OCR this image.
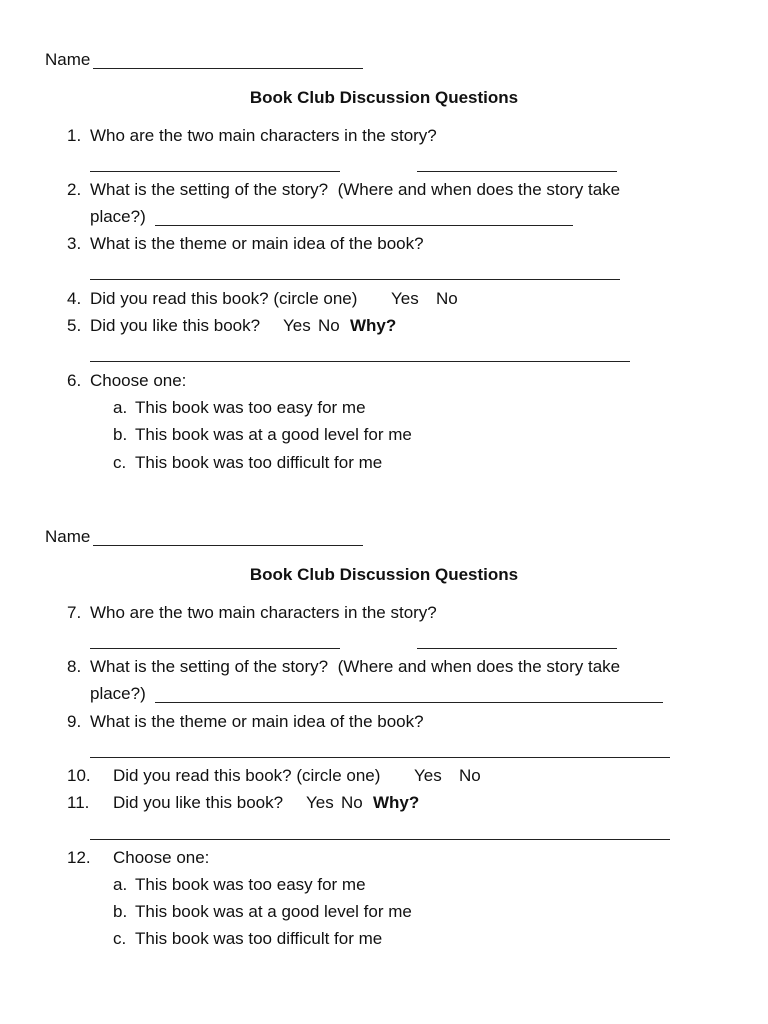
Name
Book Club Discussion Questions
1. Who are the two main characters in the story?
2. What is the setting of the story?  (Where and when does the story take
place?)
3. What is the theme or main idea of the book?
4. Did you read this book? (circle one) Yes No
5. Did you like this book? Yes No Why?
6. Choose one:
a. This book was too easy for me
b. This book was at a good level for me
c. This book was too difficult for me
Name
Book Club Discussion Questions
7. Who are the two main characters in the story?
8. What is the setting of the story?  (Where and when does the story take
place?)
9. What is the theme or main idea of the book?
10. Did you read this book? (circle one) Yes No
11. Did you like this book? Yes No Why?
12. Choose one:
a. This book was too easy for me
b. This book was at a good level for me
c. This book was too difficult for me
